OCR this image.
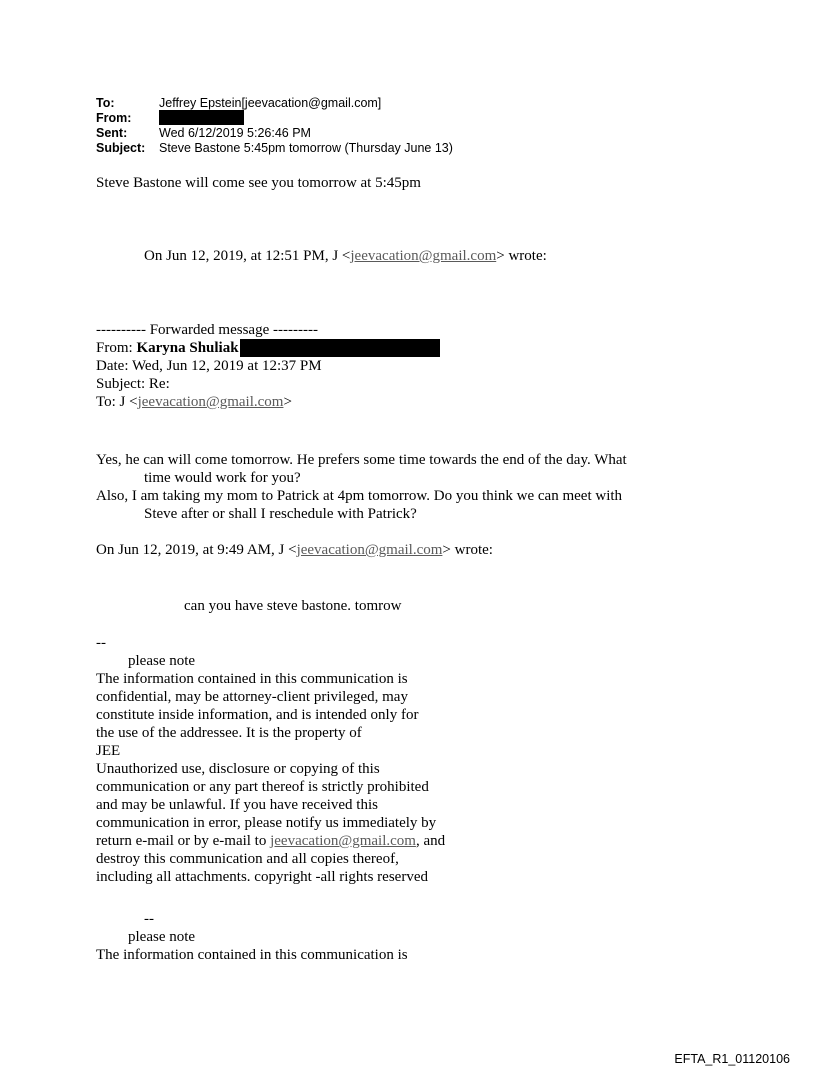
To:	Jeffrey Epstein[jeevacation@gmail.com]
From:
Sent:	Wed 6/12/2019 5:26:46 PM
Subject:	Steve Bastone 5:45pm tomorrow (Thursday June 13)
Steve Bastone will come see you tomorrow at 5:45pm
On Jun 12, 2019, at 12:51 PM, J <jeevacation@gmail.com> wrote:
---------- Forwarded message ---------
From: Karyna Shuliak
Date: Wed, Jun 12, 2019 at 12:37 PM
Subject: Re:
To: J <jeevacation@gmail.com>
Yes, he can will come tomorrow. He prefers some time towards the end of the day. What
time would work for you?
Also, I am taking my mom to Patrick at 4pm tomorrow. Do you think we can meet with
Steve after or shall I reschedule with Patrick?
On Jun 12, 2019, at 9:49 AM, J <jeevacation@gmail.com> wrote:
can you have steve bastone. tomrow
--
please note
The information contained in this communication is
confidential, may be attorney-client privileged, may
constitute inside information, and is intended only for
the use of the addressee. It is the property of
JEE
Unauthorized use, disclosure or copying of this
communication or any part thereof is strictly prohibited
and may be unlawful. If you have received this
communication in error, please notify us immediately by
return e-mail or by e-mail to jeevacation@gmail.com, and
destroy this communication and all copies thereof,
including all attachments. copyright -all rights reserved
--
please note
The information contained in this communication is
EFTA_R1_01120106
